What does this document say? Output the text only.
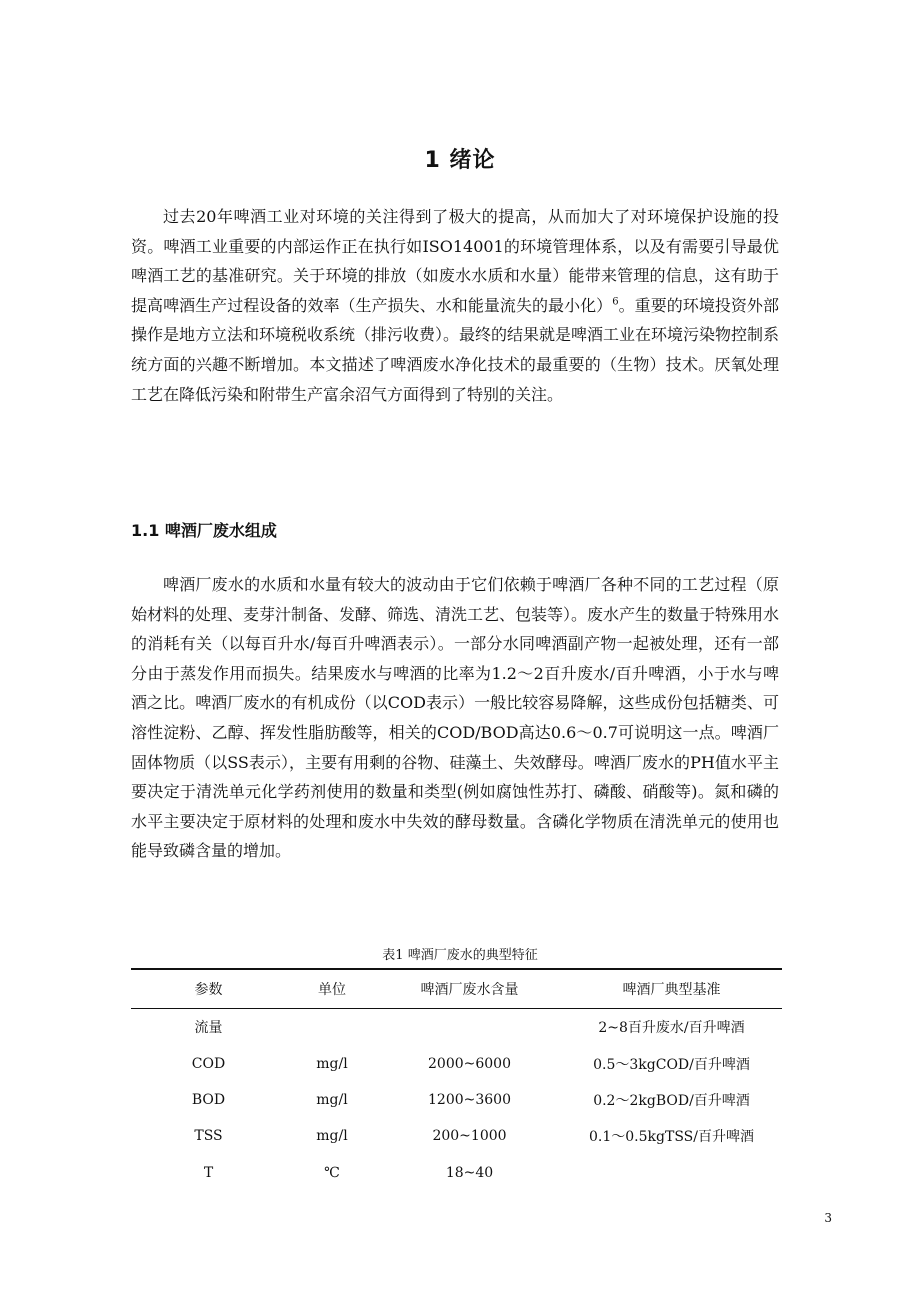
1 绪论

过去20年啤酒工业对环境的关注得到了极大的提高，从而加大了对环境保护设施的投资。啤酒工业重要的内部运作正在执行如ISO14001的环境管理体系，以及有需要引导最优啤酒工艺的基准研究。关于环境的排放（如废水水质和水量）能带来管理的信息，这有助于提高啤酒生产过程设备的效率（生产损失、水和能量流失的最小化）$^6$。重要的环境投资外部操作是地方立法和环境税收系统（排污收费）。最终的结果就是啤酒工业在环境污染物控制系统方面的兴趣不断增加。本文描述了啤酒废水净化技术的最重要的（生物）技术。厌氧处理工艺在降低污染和附带生产富余沼气方面得到了特别的关注。

1.1 啤酒厂废水组成

啤酒厂废水的水质和水量有较大的波动由于它们依赖于啤酒厂各种不同的工艺过程（原始材料的处理、麦芽汁制备、发酵、筛选、清洗工艺、包装等）。废水产生的数量于特殊用水的消耗有关（以每百升水/每百升啤酒表示）。一部分水同啤酒副产物一起被处理，还有一部分由于蒸发作用而损失。结果废水与啤酒的比率为1.2～2百升废水/百升啤酒，小于水与啤酒之比。啤酒厂废水的有机成份（以COD表示）一般比较容易降解，这些成份包括糖类、可溶性淀粉、乙醇、挥发性脂肪酸等，相关的COD/BOD高达0.6～0.7可说明这一点。啤酒厂固体物质（以SS表示），主要有用剩的谷物、硅藻土、失效酵母。啤酒厂废水的PH值水平主要决定于清洗单元化学药剂使用的数量和类型(例如腐蚀性苏打、磷酸、硝酸等)。氮和磷的水平主要决定于原材料的处理和废水中失效的酵母数量。含磷化学物质在清洗单元的使用也能导致磷含量的增加。

表1 啤酒厂废水的典型特征
参数	单位	啤酒厂废水含量	啤酒厂典型基准
流量			2~8百升废水/百升啤酒
COD	mg/l	2000~6000	0.5～3kgCOD/百升啤酒
BOD	mg/l	1200~3600	0.2～2kgBOD/百升啤酒
TSS	mg/l	200~1000	0.1～0.5kgTSS/百升啤酒
T	℃	18~40	
3
